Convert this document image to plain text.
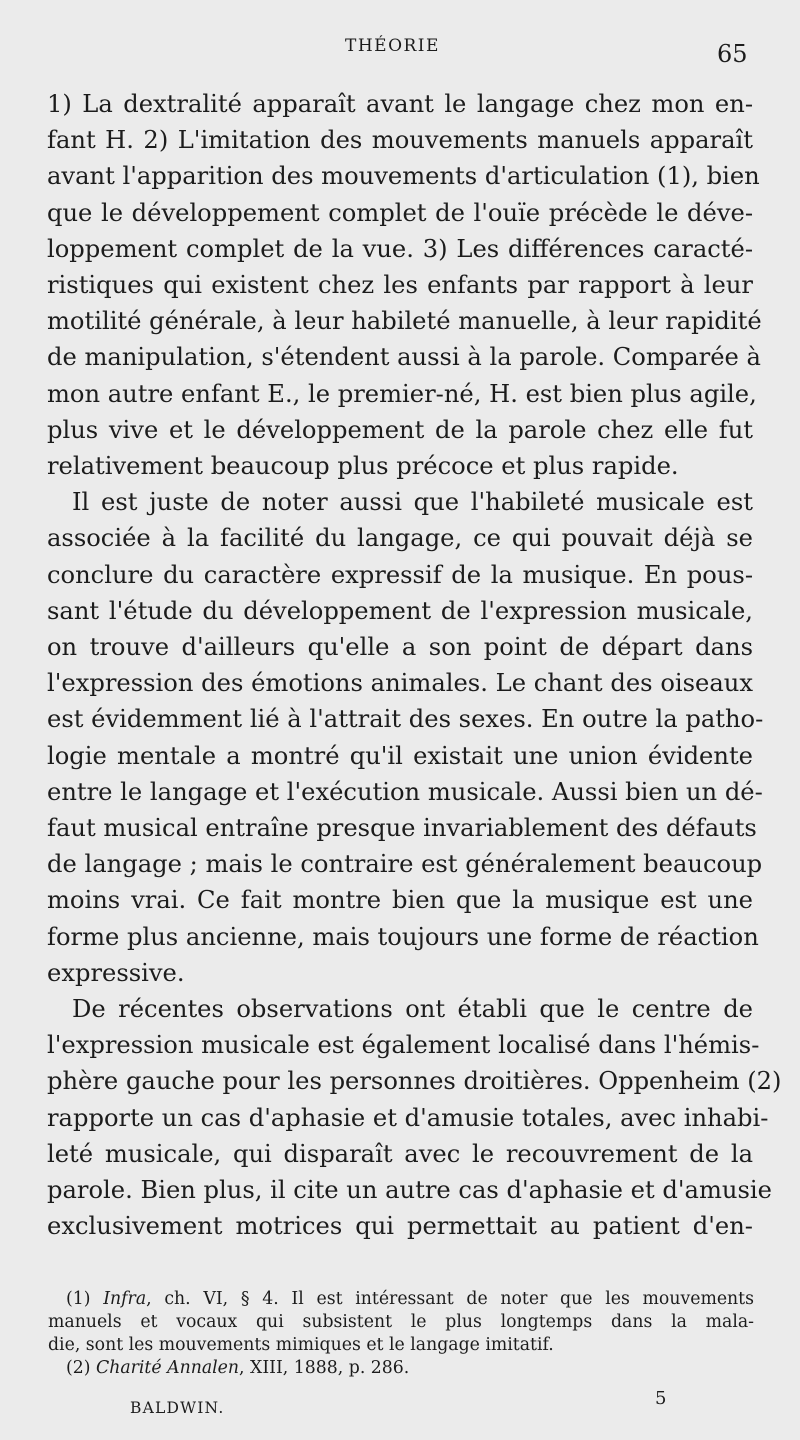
THÉORIE	65
1) La dextralité apparaît avant le langage chez mon en-
fant H. 2) L'imitation des mouvements manuels apparaît
avant l'apparition des mouvements d'articulation (1), bien
que le développement complet de l'ouïe précède le déve-
loppement complet de la vue. 3) Les différences caracté-
ristiques qui existent chez les enfants par rapport à leur
motilité générale, à leur habileté manuelle, à leur rapidité
de manipulation, s'étendent aussi à la parole. Comparée à
mon autre enfant E., le premier-né, H. est bien plus agile,
plus vive et le développement de la parole chez elle fut
relativement beaucoup plus précoce et plus rapide.
Il est juste de noter aussi que l'habileté musicale est
associée à la facilité du langage, ce qui pouvait déjà se
conclure du caractère expressif de la musique. En pous-
sant l'étude du développement de l'expression musicale,
on trouve d'ailleurs qu'elle a son point de départ dans
l'expression des émotions animales. Le chant des oiseaux
est évidemment lié à l'attrait des sexes. En outre la patho-
logie mentale a montré qu'il existait une union évidente
entre le langage et l'exécution musicale. Aussi bien un dé-
faut musical entraîne presque invariablement des défauts
de langage ; mais le contraire est généralement beaucoup
moins vrai. Ce fait montre bien que la musique est une
forme plus ancienne, mais toujours une forme de réaction
expressive.
De récentes observations ont établi que le centre de
l'expression musicale est également localisé dans l'hémis-
phère gauche pour les personnes droitières. Oppenheim (2)
rapporte un cas d'aphasie et d'amusie totales, avec inhabi-
leté musicale, qui disparaît avec le recouvrement de la
parole. Bien plus, il cite un autre cas d'aphasie et d'amusie
exclusivement motrices qui permettait au patient d'en-
(1) Infra, ch. VI, § 4. Il est intéressant de noter que les mouvements
manuels et vocaux qui subsistent le plus longtemps dans la mala-
die, sont les mouvements mimiques et le langage imitatif.
(2) Charité Annalen, XIII, 1888, p. 286.
BALDWIN.	5
